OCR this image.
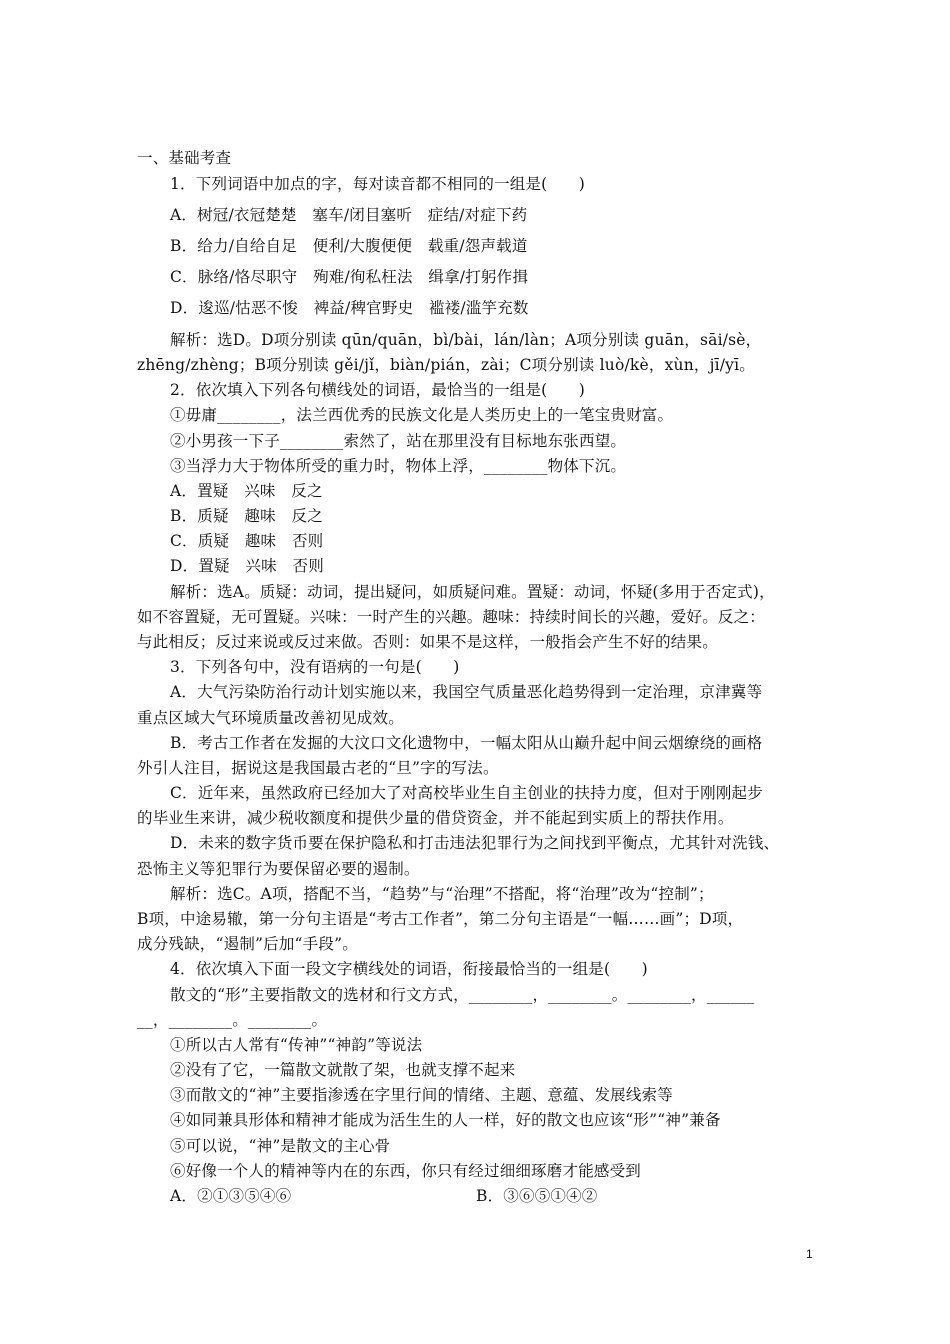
一、基础考查
1．下列词语中加点的字，每对读音都不相同的一组是(　　)
A．树冠/衣冠楚楚　塞车/闭目塞听　症结/对症下药
B．给力/自给自足　便利/大腹便便　载重/怨声载道
C．脉络/恪尽职守　殉难/徇私枉法　缉拿/打躬作揖
D．逡巡/怙恶不悛　裨益/稗官野史　褴褛/滥竽充数
解析：选D。D项分别读 qūn/quān，bì/bài，lán/làn；A项分别读 guān，sāi/sè，
zhēng/zhèng；B项分别读 gěi/jǐ，biàn/pián，zài；C项分别读 luò/kè，xùn，jī/yī。
2．依次填入下列各句横线处的词语，最恰当的一组是(　　)
①毋庸________，法兰西优秀的民族文化是人类历史上的一笔宝贵财富。
②小男孩一下子________索然了，站在那里没有目标地东张西望。
③当浮力大于物体所受的重力时，物体上浮，________物体下沉。
A．置疑　兴味　反之
B．质疑　趣味　反之
C．质疑　趣味　否则
D．置疑　兴味　否则
解析：选A。质疑：动词，提出疑问，如质疑问难。置疑：动词，怀疑(多用于否定式)，
如不容置疑，无可置疑。兴味：一时产生的兴趣。趣味：持续时间长的兴趣，爱好。反之：
与此相反；反过来说或反过来做。否则：如果不是这样，一般指会产生不好的结果。
3．下列各句中，没有语病的一句是(　　)
A．大气污染防治行动计划实施以来，我国空气质量恶化趋势得到一定治理，京津冀等
重点区域大气环境质量改善初见成效。
B．考古工作者在发掘的大汶口文化遗物中，一幅太阳从山巅升起中间云烟缭绕的画格
外引人注目，据说这是我国最古老的“旦”字的写法。
C．近年来，虽然政府已经加大了对高校毕业生自主创业的扶持力度，但对于刚刚起步
的毕业生来讲，减少税收额度和提供少量的借贷资金，并不能起到实质上的帮扶作用。
D．未来的数字货币要在保护隐私和打击违法犯罪行为之间找到平衡点，尤其针对洗钱、
恐怖主义等犯罪行为要保留必要的遏制。
解析：选C。A项，搭配不当，“趋势”与“治理”不搭配，将“治理”改为“控制”；
B项，中途易辙，第一分句主语是“考古工作者”，第二分句主语是“一幅……画”；D项，
成分残缺，“遏制”后加“手段”。
4．依次填入下面一段文字横线处的词语，衔接最恰当的一组是(　　)
散文的“形”主要指散文的选材和行文方式，________，________。________，______
__，________。________。
①所以古人常有“传神”“神韵”等说法
②没有了它，一篇散文就散了架，也就支撑不起来
③而散文的“神”主要指渗透在字里行间的情绪、主题、意蕴、发展线索等
④如同兼具形体和精神才能成为活生生的人一样，好的散文也应该“形”“神”兼备
⑤可以说，“神”是散文的主心骨
⑥好像一个人的精神等内在的东西，你只有经过细细琢磨才能感受到
A．②①③⑤④⑥	B．③⑥⑤①④②
1
